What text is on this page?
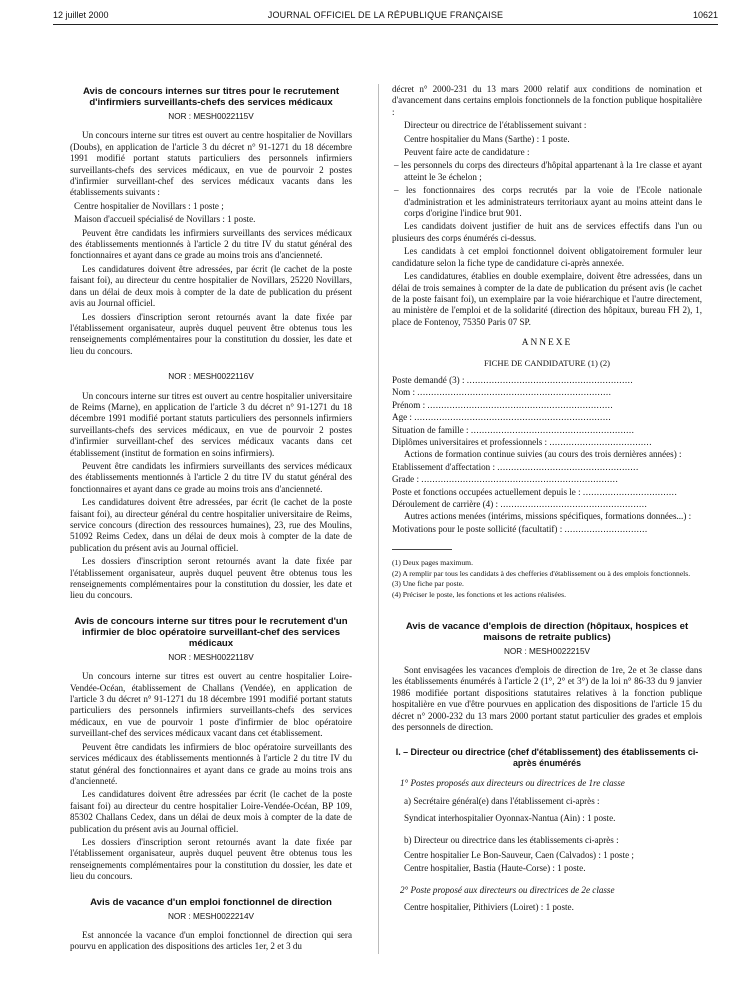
12 juillet 2000	JOURNAL OFFICIEL DE LA RÉPUBLIQUE FRANÇAISE	10621

Avis de concours internes sur titres pour le recrutement d'infirmiers surveillants-chefs des services médicaux

NOR : MESH0022115V

Un concours interne sur titres est ouvert au centre hospitalier de Novillars (Doubs), en application de l'article 3 du décret n° 91-1271 du 18 décembre 1991 modifié portant statuts particuliers des personnels infirmiers surveillants-chefs des services médicaux, en vue de pourvoir 2 postes d'infirmier surveillant-chef des services médicaux vacants dans les établissements suivants :

Centre hospitalier de Novillars : 1 poste ;

Maison d'accueil spécialisé de Novillars : 1 poste.

Peuvent être candidats les infirmiers surveillants des services médicaux des établissements mentionnés à l'article 2 du titre IV du statut général des fonctionnaires et ayant dans ce grade au moins trois ans d'ancienneté.

Les candidatures doivent être adressées, par écrit (le cachet de la poste faisant foi), au directeur du centre hospitalier de Novillars, 25220 Novillars, dans un délai de deux mois à compter de la date de publication du présent avis au Journal officiel.

Les dossiers d'inscription seront retournés avant la date fixée par l'établissement organisateur, auprès duquel peuvent être obtenus tous les renseignements complémentaires pour la constitution du dossier, les date et lieu du concours.

NOR : MESH0022116V

Un concours interne sur titres est ouvert au centre hospitalier universitaire de Reims (Marne), en application de l'article 3 du décret n° 91-1271 du 18 décembre 1991 modifié portant statuts particuliers des personnels infirmiers surveillants-chefs des services médicaux, en vue de pourvoir 2 postes d'infirmier surveillant-chef des services médicaux vacants dans cet établissement (institut de formation en soins infirmiers).

Peuvent être candidats les infirmiers surveillants des services médicaux des établissements mentionnés à l'article 2 du titre IV du statut général des fonctionnaires et ayant dans ce grade au moins trois ans d'ancienneté.

Les candidatures doivent être adressées, par écrit (le cachet de la poste faisant foi), au directeur général du centre hospitalier universitaire de Reims, service concours (direction des ressources humaines), 23, rue des Moulins, 51092 Reims Cedex, dans un délai de deux mois à compter de la date de publication du présent avis au Journal officiel.

Les dossiers d'inscription seront retournés avant la date fixée par l'établissement organisateur, auprès duquel peuvent être obtenus tous les renseignements complémentaires pour la constitution du dossier, les date et lieu du concours.

Avis de concours interne sur titres pour le recrutement d'un infirmier de bloc opératoire surveillant-chef des services médicaux

NOR : MESH0022118V

Un concours interne sur titres est ouvert au centre hospitalier Loire-Vendée-Océan, établissement de Challans (Vendée), en application de l'article 3 du décret n° 91-1271 du 18 décembre 1991 modifié portant statuts particuliers des personnels infirmiers surveillants-chefs des services médicaux, en vue de pourvoir 1 poste d'infirmier de bloc opératoire surveillant-chef des services médicaux vacant dans cet établissement.

Peuvent être candidats les infirmiers de bloc opératoire surveillants des services médicaux des établissements mentionnés à l'article 2 du titre IV du statut général des fonctionnaires et ayant dans ce grade au moins trois ans d'ancienneté.

Les candidatures doivent être adressées par écrit (le cachet de la poste faisant foi) au directeur du centre hospitalier Loire-Vendée-Océan, BP 109, 85302 Challans Cedex, dans un délai de deux mois à compter de la date de publication du présent avis au Journal officiel.

Les dossiers d'inscription seront retournés avant la date fixée par l'établissement organisateur, auprès duquel peuvent être obtenus tous les renseignements complémentaires pour la constitution du dossier, les date et lieu du concours.

Avis de vacance d'un emploi fonctionnel de direction

NOR : MESH0022214V

Est annoncée la vacance d'un emploi fonctionnel de direction qui sera pourvu en application des dispositions des articles 1er, 2 et 3 du

décret n° 2000-231 du 13 mars 2000 relatif aux conditions de nomination et d'avancement dans certains emplois fonctionnels de la fonction publique hospitalière :

Directeur ou directrice de l'établissement suivant :

Centre hospitalier du Mans (Sarthe) : 1 poste.

Peuvent faire acte de candidature :

– les personnels du corps des directeurs d'hôpital appartenant à la 1re classe et ayant atteint le 3e échelon ;

– les fonctionnaires des corps recrutés par la voie de l'Ecole nationale d'administration et les administrateurs territoriaux ayant au moins atteint dans le corps d'origine l'indice brut 901.

Les candidats doivent justifier de huit ans de services effectifs dans l'un ou plusieurs des corps énumérés ci-dessus.

Les candidats à cet emploi fonctionnel doivent obligatoirement formuler leur candidature selon la fiche type de candidature ci-après annexée.

Les candidatures, établies en double exemplaire, doivent être adressées, dans un délai de trois semaines à compter de la date de publication du présent avis (le cachet de la poste faisant foi), un exemplaire par la voie hiérarchique et l'autre directement, au ministère de l'emploi et de la solidarité (direction des hôpitaux, bureau FH 2), 1, place de Fontenoy, 75350 Paris 07 SP.

ANNEXE

FICHE DE CANDIDATURE (1) (2)

Poste demandé (3) : ............................................................

Nom : ......................................................................

Prénom : ...................................................................

Age : .......................................................................

Situation de famille : ...........................................................

Diplômes universitaires et professionnels : .....................................

Actions de formation continue suivies (au cours des trois dernières années) :

Etablissement d'affectation : ...................................................

Grade : .......................................................................

Poste et fonctions occupées actuellement depuis le : ..................................

Déroulement de carrière (4) : .....................................................

Autres actions menées (intérims, missions spécifiques, formations données...) :

Motivations pour le poste sollicité (facultatif) : ..............................

(1) Deux pages maximum.

(2) A remplir par tous les candidats à des chefferies d'établissement ou à des emplois fonctionnels.

(3) Une fiche par poste.

(4) Préciser le poste, les fonctions et les actions réalisées.

Avis de vacance d'emplois de direction (hôpitaux, hospices et maisons de retraite publics)

NOR : MESH0022215V

Sont envisagées les vacances d'emplois de direction de 1re, 2e et 3e classe dans les établissements énumérés à l'article 2 (1°, 2° et 3°) de la loi n° 86-33 du 9 janvier 1986 modifiée portant dispositions statutaires relatives à la fonction publique hospitalière en vue d'être pourvues en application des dispositions de l'article 15 du décret n° 2000-232 du 13 mars 2000 portant statut particulier des grades et emplois des personnels de direction.

I. – Directeur ou directrice (chef d'établissement) des établissements ci-après énumérés

1° Postes proposés aux directeurs ou directrices de 1re classe

a) Secrétaire général(e) dans l'établissement ci-après :

Syndicat interhospitalier Oyonnax-Nantua (Ain) : 1 poste.

b) Directeur ou directrice dans les établissements ci-après :

Centre hospitalier Le Bon-Sauveur, Caen (Calvados) : 1 poste ;

Centre hospitalier, Bastia (Haute-Corse) : 1 poste.

2° Poste proposé aux directeurs ou directrices de 2e classe

Centre hospitalier, Pithiviers (Loiret) : 1 poste.
